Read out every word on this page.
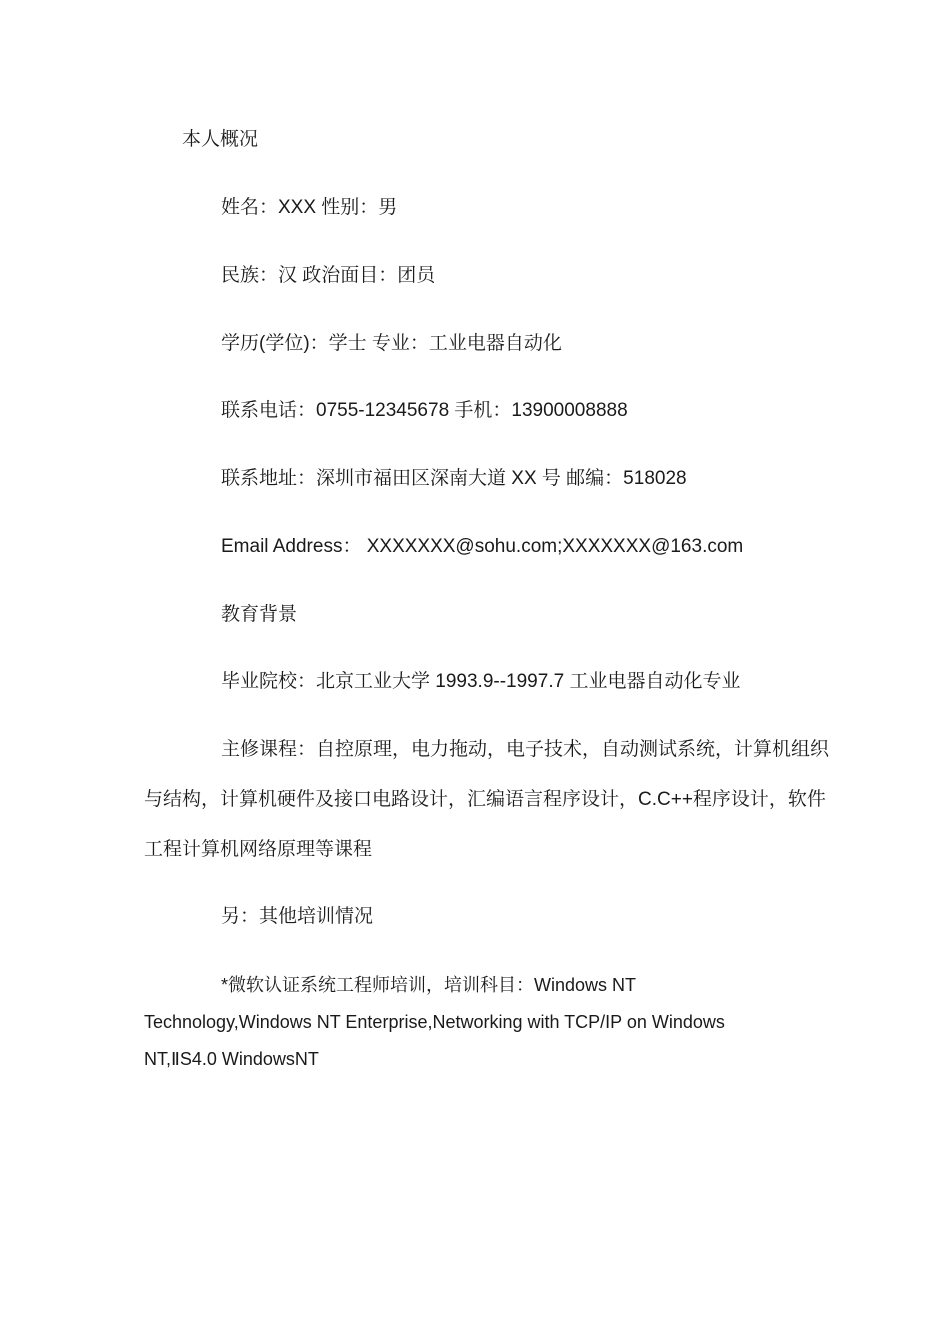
本人概况
姓名：XXX 性别：男
民族：汉 政治面目：团员
学历(学位)：学士 专业：工业电器自动化
联系电话：0755-12345678 手机：13900008888
联系地址：深圳市福田区深南大道 XX 号 邮编：518028
Email Address： XXXXXXX@sohu.com;XXXXXXX@163.com
教育背景
毕业院校：北京工业大学 1993.9--1997.7 工业电器自动化专业
主修课程：自控原理，电力拖动，电子技术，自动测试系统，计算机组织
与结构，计算机硬件及接口电路设计，汇编语言程序设计，C.C++程序设计，软件
工程计算机网络原理等课程
另：其他培训情况
*微软认证系统工程师培训，培训科目：Windows NT
Technology,Windows NT Enterprise,Networking with TCP/IP on Windows
NT,ⅡS4.0 WindowsNT
